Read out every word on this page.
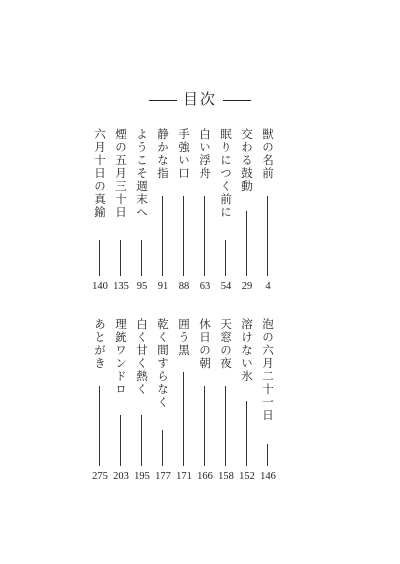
目次
獣の名前
4
交わる鼓動
29
眠りにつく前に
54
白い浮舟
63
手強い口
88
静かな指
91
ようこそ週末へ
95
煙の五月三十日
135
六月十日の真鍮
140
泡の六月二十一日
146
溶けない氷
152
天窓の夜
158
休日の朝
166
囲う黒
171
乾く間すらなく
177
白く甘く熱く
195
理銃ワンドロ
203
あとがき
275
